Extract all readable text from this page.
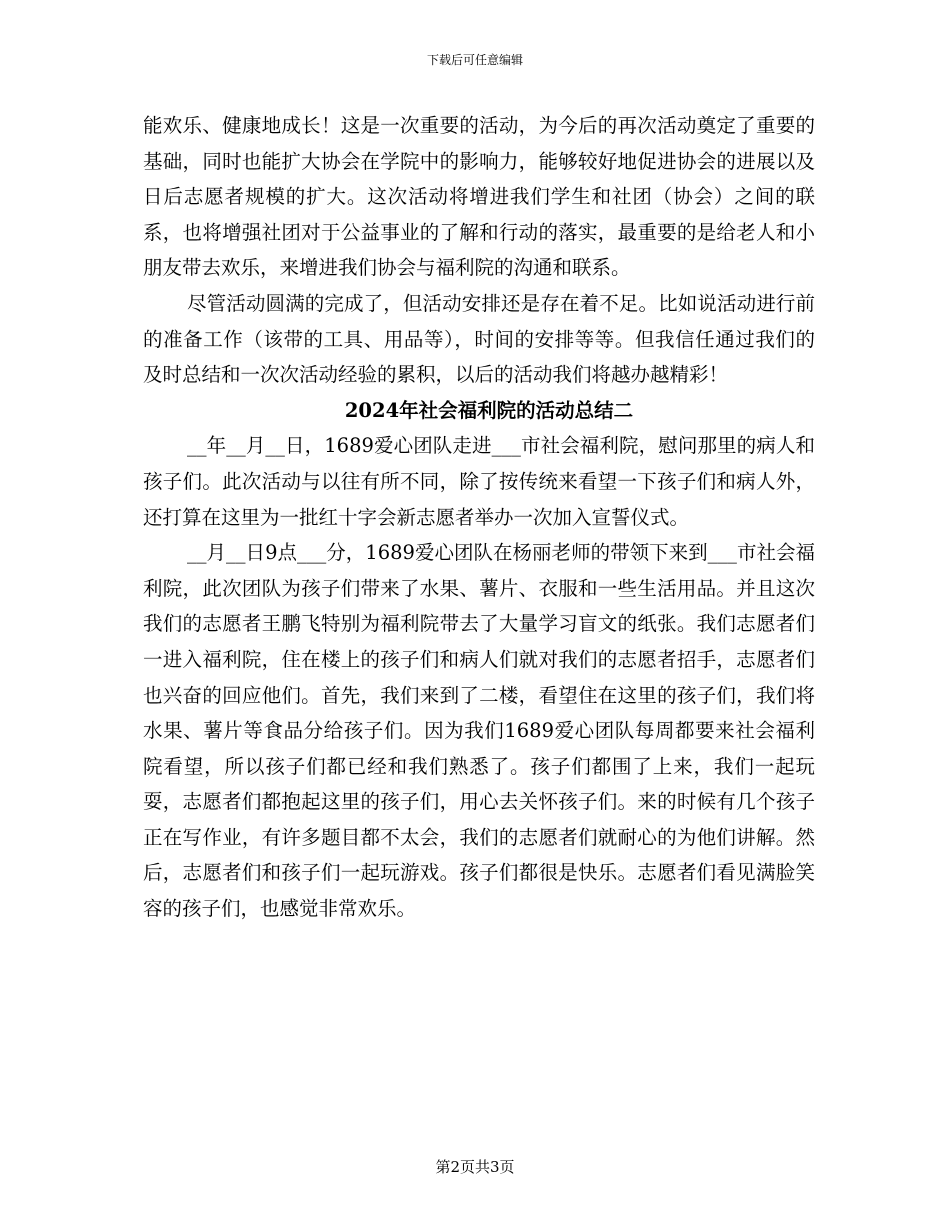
下载后可任意编辑

能欢乐、健康地成长！这是一次重要的活动，为今后的再次活动奠定了重要的基础，同时也能扩大协会在学院中的影响力，能够较好地促进协会的进展以及日后志愿者规模的扩大。这次活动将增进我们学生和社团（协会）之间的联系，也将增强社团对于公益事业的了解和行动的落实，最重要的是给老人和小朋友带去欢乐，来增进我们协会与福利院的沟通和联系。

尽管活动圆满的完成了，但活动安排还是存在着不足。比如说活动进行前的准备工作（该带的工具、用品等），时间的安排等等。但我信任通过我们的及时总结和一次次活动经验的累积，以后的活动我们将越办越精彩！

2024年社会福利院的活动总结二

__年__月__日，1689爱心团队走进___市社会福利院，慰问那里的病人和孩子们。此次活动与以往有所不同，除了按传统来看望一下孩子们和病人外，还打算在这里为一批红十字会新志愿者举办一次加入宣誓仪式。

__月__日9点___分，1689爱心团队在杨丽老师的带领下来到___市社会福利院，此次团队为孩子们带来了水果、薯片、衣服和一些生活用品。并且这次我们的志愿者王鹏飞特别为福利院带去了大量学习盲文的纸张。我们志愿者们一进入福利院，住在楼上的孩子们和病人们就对我们的志愿者招手，志愿者们也兴奋的回应他们。首先，我们来到了二楼，看望住在这里的孩子们，我们将水果、薯片等食品分给孩子们。因为我们1689爱心团队每周都要来社会福利院看望，所以孩子们都已经和我们熟悉了。孩子们都围了上来，我们一起玩耍，志愿者们都抱起这里的孩子们，用心去关怀孩子们。来的时候有几个孩子正在写作业，有许多题目都不太会，我们的志愿者们就耐心的为他们讲解。然后，志愿者们和孩子们一起玩游戏。孩子们都很是快乐。志愿者们看见满脸笑容的孩子们，也感觉非常欢乐。

第2页共3页
